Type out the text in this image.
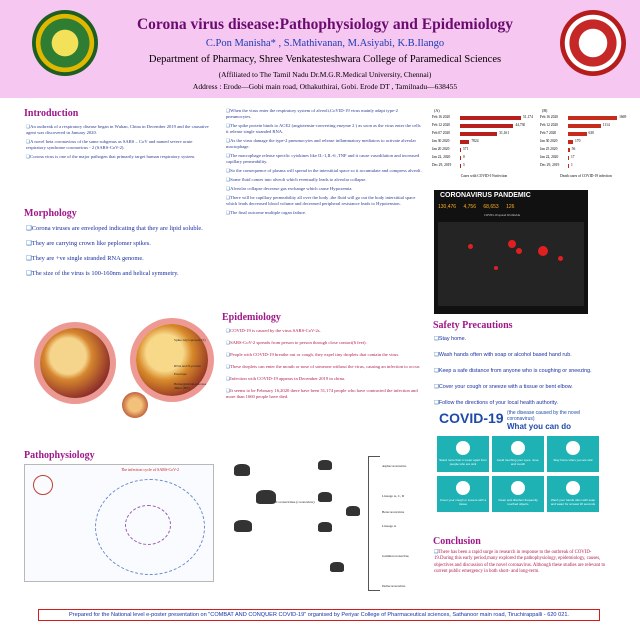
Corona virus disease:Pathophysiology and Epidemiology
C.Pon Manisha* , S.Mathivanan, M.Asiyabi, K.B.Ilango
Department of Pharmacy, Shree Venkatesteshwara College of Paramedical Sciences
(Affiliated to The Tamil Nadu Dr.M.G.R.Medical University, Chennai)
Address : Erode—Gobi main road, Othakuthirai, Gobi. Erode DT , Tamilnadu—638455
Introduction
❑ An outbreak of a respiratory disease began in Wuhan, China in December 2019 and the causative agent was discovered in January 2020.
❑ A novel beta coronavirus of the same subgenus as SARS – CoV and named severe acute respiratory syndrome coronavirus - 2 (SARS-CoV-2).
❑ Corona virus is one of the major pathogen that primarily target human respiratory system.
Morphology
❑ Corona viruses are enveloped indicating that they are lipid soluble.
❑ They are carrying crown like peplomer spikes.
❑ They are +ve single stranded RNA genome.
❑ The size of the virus is 100-160nm and helical symmetry.
Spike Glycoprotein (S)
RNA and N-protein
Envelope
Hemagglutinin-esterase dimer (HE)
Pathophysiology
The infection cycle of SARS-CoV-2
❑ When the virus enter the respiratory system of alveoli,CoVID-19 virus mainly adapt type-2 pneumocytes.
❑ The spike protein binds to ACE2 (angiotensin-converting enzyme 2 ) as soon as the virus enter the cells it release single stranded RNA.
❑ As the virus damage the type-2 pneumocytes and release inflammatory mediators to activate alveolar macrophage.
❑ The macrophage release specific cytokines like IL-1,IL-6 ,TNF and it cause vasodilation and increased capillary permeability.
❑ So the consequence of plasma will spread in the interstitial space so it accumulate and compress alveoli.
❑ Some fluid comes into alveoli which eventually leads to alveolar collapse.
❑ Alveolar collapse decrease gas exchange which cause Hypoxemia.
❑ There will be capillary permeability all over the body ,the fluid will go out the body interstitial space which leads decreased blood volume and decreased peripheral resistance leads to Hypotension.
❑ The final outcome multiple organ failure.
Epidemiology
❑ COVID-19 is caused by the virus SARS-CoV-2s.
❑ SARS-CoV-2 spreads from person to person through close contact(6 feet).
❑ People with COVID-19 breathe out or cough, they expel tiny droplets that contain the virus.
❑ These droplets can enter the mouth or nose of someone without the virus, causing an infection to occur.
❑ Infection with COVID-19 appears in December 2019 in china.
❑ It seems to be February 16,2020 there have been 51,174 people who have contracted the infection and more than 1660 people have died.
Alphacoronavirus
Lineage A, C, D
Betacoronavirus
Lineage A
Gammacoronavirus
Deltacoronavirus
Coronavirinae (coronavirus)
(A)
Feb 16 2020	51,174
Feb 12 2020	44,730
Feb 07 2020	31,161
Jan 30 2020	7824
Jan 20 2020	571
Jan 22, 2020	0
Dec 29, 2019	5
Cases with COVID-19 infection
(B)
Feb 16 2020	1669
Feb 12 2020	1114
Feb 7 2020	630
Jan 30 2020	170
Jan 25 2020	56
Jan 22, 2020	17
Dec 29, 2019	1
Death cases of COVID-19 infection
CORONAVIRUS PANDEMIC
130,476 4,756 68,653 126
COVID-19 spread Worldwide
Safety Precautions
❑ Stay home.
❑ Wash hands often with soap or alcohol based hand rub.
❑ Keep a safe distance from anyone who is coughing or sneezing.
❑ Cover your cough or sneeze with a tissue or bent elbow.
❑ Follow the directions of your local health authority.
COVID-19 (the disease caused by the novel coronavirus)
What you can do
Stand more than 1 meter apart from people who are sick
Avoid touching your eyes, nose, and mouth
Stay home when you are sick
Cover your cough or sneeze with a tissue
Clean and disinfect frequently touched objects
Wash your hands often with soap and water for at least 20 seconds
Conclusion
❑ There has been a rapid surge in research in response to the outbreak of COVID-19.During this early period,many explored the pathophysiology, epidemiology, causes, objectives and discussion of the novel coronavirus. Although these studies are relevant to current public emergency in both short- and long-term.
Prepared for the National level e-poster presentation on "COMBAT AND CONQUER COVID-19" organised by Periyar College of Pharmaceutical sciences, Sathanoor main road, Tiruchirappalli - 620 021.
